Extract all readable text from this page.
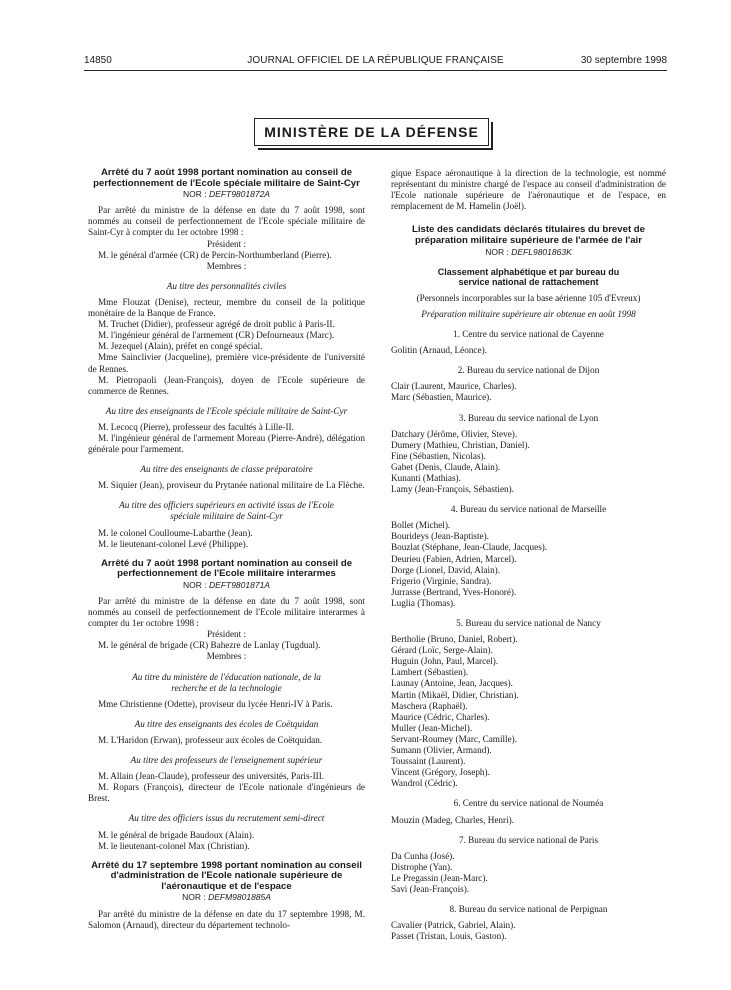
14850	JOURNAL OFFICIEL DE LA RÉPUBLIQUE FRANÇAISE	30 septembre 1998
MINISTÈRE DE LA DÉFENSE

Arrêté du 7 août 1998 portant nomination au conseil de perfectionnement de l'Ecole spéciale militaire de Saint-Cyr

NOR : DEFT9801872A

Par arrêté du ministre de la défense en date du 7 août 1998, sont nommés au conseil de perfectionnement de l'Ecole spéciale militaire de Saint-Cyr à compter du 1er octobre 1998 :

Président :

M. le général d'armée (CR) de Percin-Northumberland (Pierre).

Membres :

Au titre des personnalités civiles

Mme Flouzat (Denise), recteur, membre du conseil de la politique monétaire de la Banque de France.

M. Truchet (Didier), professeur agrégé de droit public à Paris-II.

M. l'ingénieur général de l'armement (CR) Defourneaux (Marc).

M. Jezequel (Alain), préfet en congé spécial.

Mme Sainclivier (Jacqueline), première vice-présidente de l'université de Rennes.

M. Pietropaoli (Jean-François), doyen de l'Ecole supérieure de commerce de Rennes.

Au titre des enseignants de l'Ecole spéciale militaire de Saint-Cyr

M. Lecocq (Pierre), professeur des facultés à Lille-II.

M. l'ingénieur général de l'armement Moreau (Pierre-André), délégation générale pour l'armement.

Au titre des enseignants de classe préparatoire

M. Siquier (Jean), proviseur du Prytanée national militaire de La Flèche.

Au titre des officiers supérieurs en activité issus de l'Ecole spéciale militaire de Saint-Cyr

M. le colonel Coulloume-Labarthe (Jean).

M. le lieutenant-colonel Levé (Philippe).

Arrêté du 7 août 1998 portant nomination au conseil de perfectionnement de l'Ecole militaire interarmes

NOR : DEFT9801871A

Par arrêté du ministre de la défense en date du 7 août 1998, sont nommés au conseil de perfectionnement de l'Ecole militaire interarmes à compter du 1er octobre 1998 :

Président :

M. le général de brigade (CR) Bahezre de Lanlay (Tugdual).

Membres :

Au titre du ministère de l'éducation nationale, de la recherche et de la technologie

Mme Christienne (Odette), proviseur du lycée Henri-IV à Paris.

Au titre des enseignants des écoles de Coëtquidan

M. L'Haridon (Erwan), professeur aux écoles de Coëtquidan.

Au titre des professeurs de l'enseignement supérieur

M. Allain (Jean-Claude), professeur des universités, Paris-III.

M. Ropars (François), directeur de l'Ecole nationale d'ingénieurs de Brest.

Au titre des officiers issus du recrutement semi-direct

M. le général de brigade Baudoux (Alain).

M. le lieutenant-colonel Max (Christian).

Arrêté du 17 septembre 1998 portant nomination au conseil d'administration de l'Ecole nationale supérieure de l'aéronautique et de l'espace

NOR : DEFM9801885A

Par arrêté du ministre de la défense en date du 17 septembre 1998, M. Salomon (Arnaud), directeur du département technolo-

gique Espace aéronautique à la direction de la technologie, est nommé représentant du ministre chargé de l'espace au conseil d'administration de l'Ecole nationale supérieure de l'aéronautique et de l'espace, en remplacement de M. Hamelin (Joël).

Liste des candidats déclarés titulaires du brevet de préparation militaire supérieure de l'armée de l'air

NOR : DEFL9801863K

Classement alphabétique et par bureau du service national de rattachement

(Personnels incorporables sur la base aérienne 105 d'Evreux)

Préparation militaire supérieure air obtenue en août 1998

1. Centre du service national de Cayenne

Golitin (Arnaud, Léonce).

2. Bureau du service national de Dijon

Clair (Laurent, Maurice, Charles).

Marc (Sébastien, Maurice).

3. Bureau du service national de Lyon

Datchary (Jérôme, Olivier, Steve).

Dumery (Mathieu, Christian, Daniel).

Fine (Sébastien, Nicolas).

Gabet (Denis, Claude, Alain).

Kunanti (Mathias).

Lamy (Jean-François, Sébastien).

4. Bureau du service national de Marseille

Bollet (Michel).

Bourideys (Jean-Baptiste).

Bouzlat (Stéphane, Jean-Claude, Jacques).

Deurieu (Fabien, Adrien, Marcel).

Dorge (Lionel, David, Alain).

Frigerio (Virginie, Sandra).

Jurrasse (Bertrand, Yves-Honoré).

Luglia (Thomas).

5. Bureau du service national de Nancy

Bertholie (Bruno, Daniel, Robert).

Gérard (Loïc, Serge-Alain).

Huguin (John, Paul, Marcel).

Lambert (Sébastien).

Launay (Antoine, Jean, Jacques).

Martin (Mikaël, Didier, Christian).

Maschera (Raphaël).

Maurice (Cédric, Charles).

Muller (Jean-Michel).

Servant-Roumey (Marc, Camille).

Sumann (Olivier, Armand).

Toussaint (Laurent).

Vincent (Grégory, Joseph).

Wandrol (Cédric).

6. Centre du service national de Nouméa

Mouzin (Madeg, Charles, Henri).

7. Bureau du service national de Paris

Da Cunha (José).

Distrophe (Yan).

Le Pregassin (Jean-Marc).

Savi (Jean-François).

8. Bureau du service national de Perpignan

Cavalier (Patrick, Gabriel, Alain).

Passet (Tristan, Louis, Gaston).
